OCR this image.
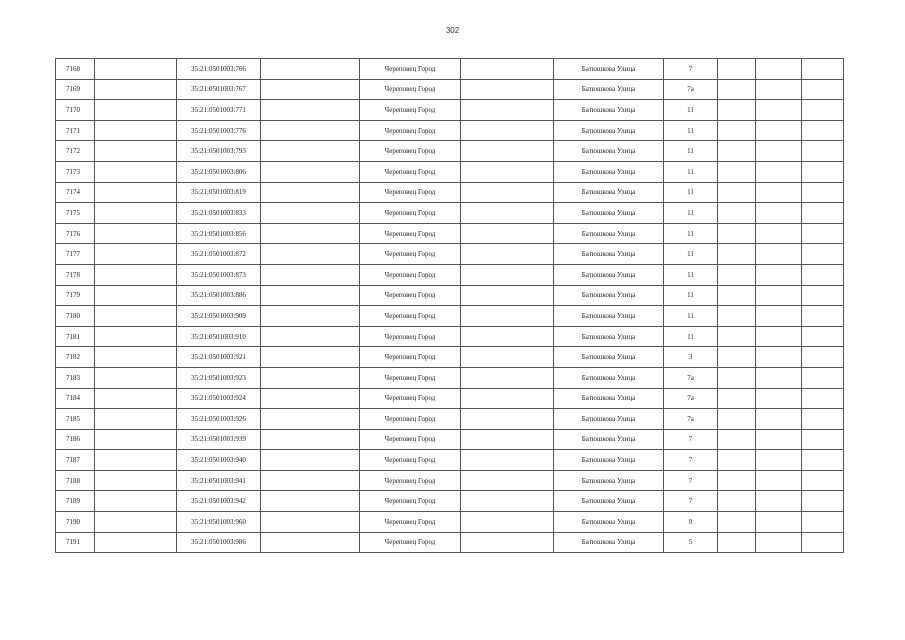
302
7168		35:21:0501003:766		Череповец Город		Батюшкова Улица	7			
7169		35:21:0501003:767		Череповец Город		Батюшкова Улица	7а			
7170		35:21:0501003:771		Череповец Город		Батюшкова Улица	11			
7171		35:21:0501003:776		Череповец Город		Батюшкова Улица	11			
7172		35:21:0501003:793		Череповец Город		Батюшкова Улица	11			
7173		35:21:0501003:806		Череповец Город		Батюшкова Улица	11			
7174		35:21:0501003:819		Череповец Город		Батюшкова Улица	11			
7175		35:21:0501003:833		Череповец Город		Батюшкова Улица	11			
7176		35:21:0501003:856		Череповец Город		Батюшкова Улица	11			
7177		35:21:0501003:872		Череповец Город		Батюшкова Улица	11			
7178		35:21:0501003:873		Череповец Город		Батюшкова Улица	11			
7179		35:21:0501003:886		Череповец Город		Батюшкова Улица	11			
7180		35:21:0501003:909		Череповец Город		Батюшкова Улица	11			
7181		35:21:0501003:910		Череповец Город		Батюшкова Улица	11			
7182		35:21:0501003:921		Череповец Город		Батюшкова Улица	3			
7183		35:21:0501003:923		Череповец Город		Батюшкова Улица	7а			
7184		35:21:0501003:924		Череповец Город		Батюшкова Улица	7а			
7185		35:21:0501003:926		Череповец Город		Батюшкова Улица	7а			
7186		35:21:0501003:939		Череповец Город		Батюшкова Улица	7			
7187		35:21:0501003:940		Череповец Город		Батюшкова Улица	7			
7188		35:21:0501003:941		Череповец Город		Батюшкова Улица	7			
7189		35:21:0501003:942		Череповец Город		Батюшкова Улица	7			
7190		35:21:0501003:960		Череповец Город		Батюшкова Улица	9			
7191		35:21:0501003:986		Череповец Город		Батюшкова Улица	5			
